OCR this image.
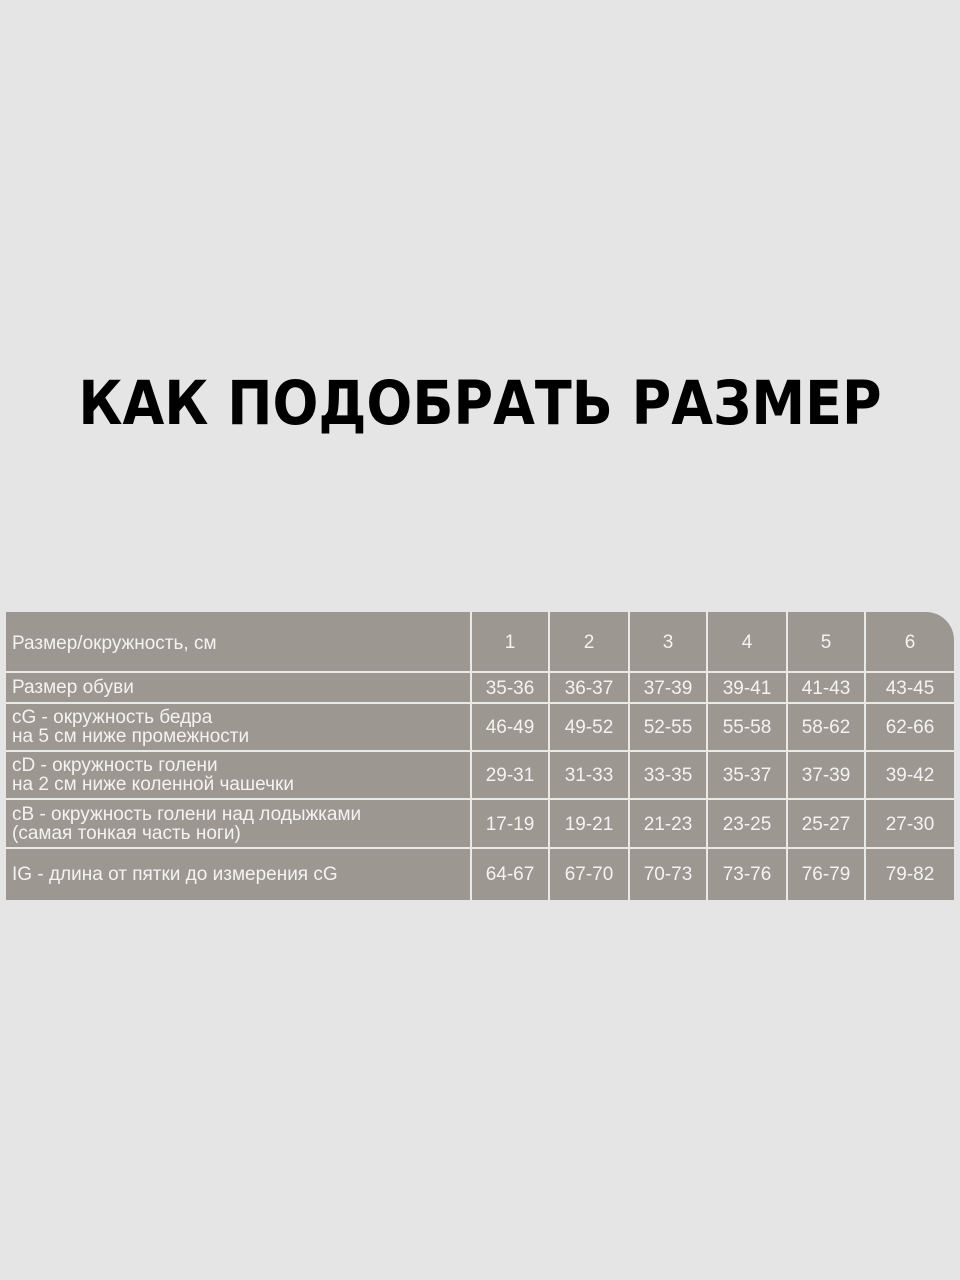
КАК ПОДОБРАТЬ РАЗМЕР
Размер/окружность, см	1	2	3	4	5	6
Размер обуви	35-36	36-37	37-39	39-41	41-43	43-45
cG - окружность бедра
на 5 см ниже промежности	46-49	49-52	52-55	55-58	58-62	62-66
cD - окружность голени
на 2 см ниже коленной чашечки	29-31	31-33	33-35	35-37	37-39	39-42
cB - окружность голени над лодыжками
(самая тонкая часть ноги)	17-19	19-21	21-23	23-25	25-27	27-30
IG - длина от пятки до измерения cG	64-67	67-70	70-73	73-76	76-79	79-82
